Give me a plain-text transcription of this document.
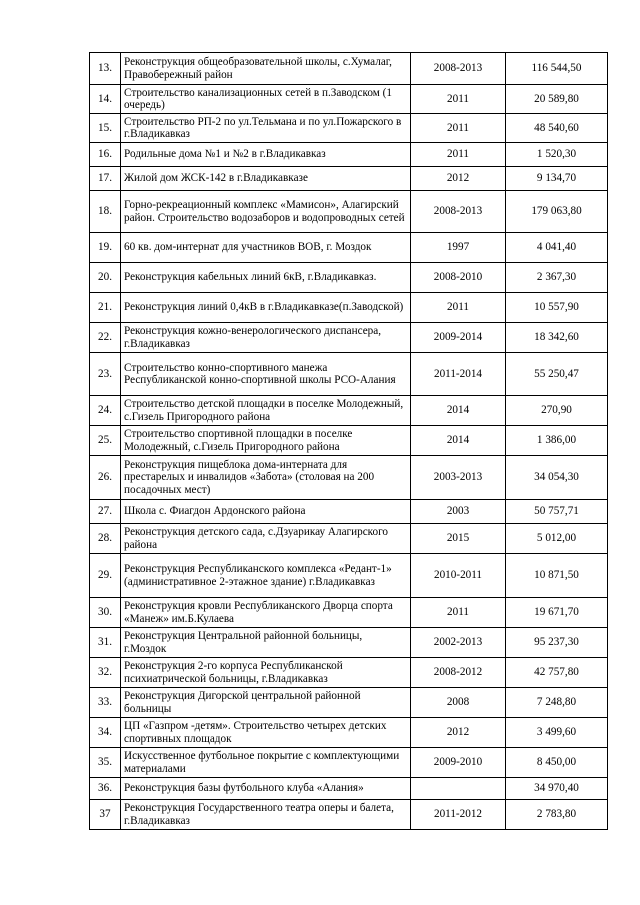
13.	Реконструкция общеобразовательной школы, с.Хумалаг, Правобережный район	2008-2013	116 544,50
14.	Строительство канализационных сетей в п.Заводском (1 очередь)	2011	20 589,80
15.	Строительство РП-2 по ул.Тельмана и по ул.Пожарского в г.Владикавказ	2011	48 540,60
16.	Родильные дома №1 и №2 в г.Владикавказ	2011	1 520,30
17.	Жилой дом ЖСК-142 в г.Владикавказе	2012	9 134,70
18.	Горно-рекреационный комплекс «Мамисон», Алагирский район. Строительство водозаборов и водопроводных сетей	2008-2013	179 063,80
19.	60 кв. дом-интернат для участников ВОВ, г. Моздок	1997	4 041,40
20.	Реконструкция кабельных линий 6кВ, г.Владикавказ.	2008-2010	2 367,30
21.	Реконструкция линий 0,4кВ в г.Владикавказе(п.Заводской)	2011	10 557,90
22.	Реконструкция кожно-венерологического диспансера, г.Владикавказ	2009-2014	18 342,60
23.	Строительство конно-спортивного манежа Республиканской конно-спортивной школы РСО-Алания	2011-2014	55 250,47
24.	Строительство детской площадки в поселке Молодежный, с.Гизель Пригородного района	2014	270,90
25.	Строительство спортивной площадки в поселке Молодежный, с.Гизель Пригородного района	2014	1 386,00
26.	Реконструкция пищеблока дома-интерната для престарелых и инвалидов «Забота» (столовая на 200 посадочных мест)	2003-2013	34 054,30
27.	Школа с. Фиагдон Ардонского района	2003	50 757,71
28.	Реконструкция детского сада, с.Дзуарикау Алагирского района	2015	5 012,00
29.	Реконструкция Республиканского комплекса «Редант-1» (административное 2-этажное здание) г.Владикавказ	2010-2011	10 871,50
30.	Реконструкция кровли Республиканского Дворца спорта «Манеж» им.Б.Кулаева	2011	19 671,70
31.	Реконструкция Центральной районной больницы, г.Моздок	2002-2013	95 237,30
32.	Реконструкция 2-го корпуса Республиканской психиатрической больницы, г.Владикавказ	2008-2012	42 757,80
33.	Реконструкция Дигорской центральной районной больницы	2008	7 248,80
34.	ЦП «Газпром -детям». Строительство четырех детских спортивных площадок	2012	3 499,60
35.	Искусственное футбольное покрытие с комплектующими материалами	2009-2010	8 450,00
36.	Реконструкция базы футбольного клуба «Алания»		34 970,40
37	Реконструкция Государственного театра оперы и балета, г.Владикавказ	2011-2012	2 783,80
